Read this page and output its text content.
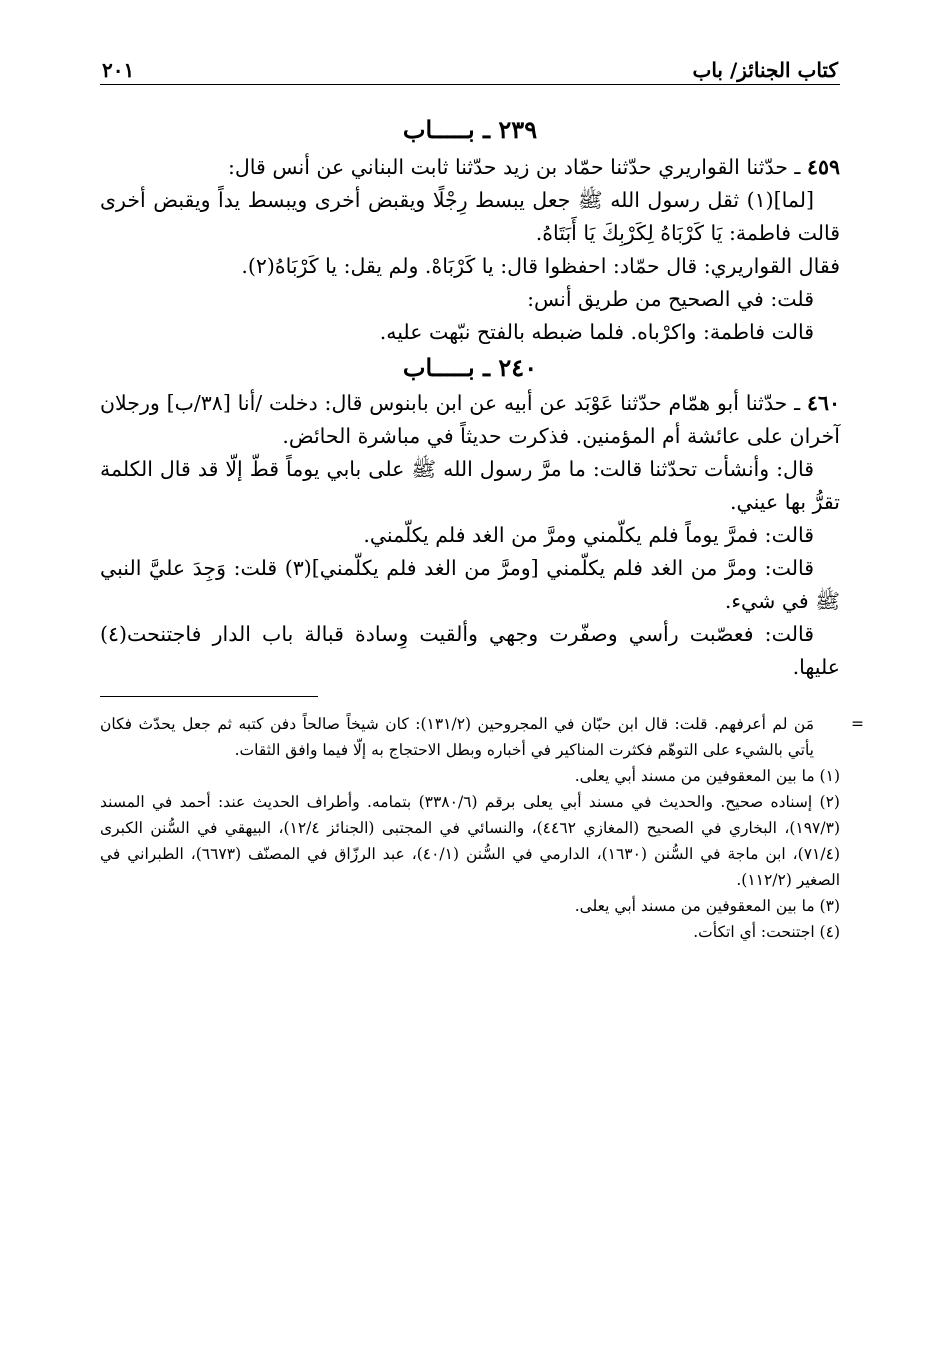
كتاب الجنائز/ باب
٢٠١
٢٣٩ ـ بـــــاب

٤٥٩ ـ حدّثنا القواريري حدّثنا حمّاد بن زيد حدّثنا ثابت البناني عن أنس قال:

[لما](١) ثقل رسول الله ﷺ جعل يبسط رِجْلًا ويقبض أخرى ويبسط يداً ويقبض أخرى قالت فاطمة: يَا كَرْبَاهُ لِكَرْبِكَ يَا أَبَتَاهُ.

فقال القواريري: قال حمّاد: احفظوا قال: يا كَرْبَاهْ. ولم يقل: يا كَرْبَاهُ(٢).

قلت: في الصحيح من طريق أنس:

قالت فاطمة: واكرْباه. فلما ضبطه بالفتح نبّهت عليه.

٢٤٠ ـ بـــــاب

٤٦٠ ـ حدّثنا أبو همّام حدّثنا عَوْبَد عن أبيه عن ابن بابنوس قال: دخلت /أنا [٣٨/ب] ورجلان آخران على عائشة أم المؤمنين. فذكرت حديثاً في مباشرة الحائض.

قال: وأنشأت تحدّثنا قالت: ما مرَّ رسول الله ﷺ على بابي يوماً قطّ إلّا قد قال الكلمة تقرُّ بها عيني.

قالت: فمرَّ يوماً فلم يكلّمني ومرَّ من الغد فلم يكلّمني.

قالت: ومرَّ من الغد فلم يكلّمني [ومرَّ من الغد فلم يكلّمني](٣) قلت: وَجِدَ عليَّ النبي ﷺ في شيء.

قالت: فعصّبت رأسي وصفّرت وجهي وألقيت وِسادة قبالة باب الدار فاجتنحت(٤) عليها.

=
مَن لم أعرفهم. قلت: قال ابن حبّان في المجروحين (١٣١/٢): كان شيخاً صالحاً دفن كتبه ثم جعل يحدّث فكان يأتي بالشيء على التوهّم فكثرت المناكير في أخباره وبطل الاحتجاج به إلّا فيما وافق الثقات.

(١) ما بين المعقوفين من مسند أبي يعلى.

(٢) إسناده صحيح. والحديث في مسند أبي يعلى برقم (٣٣٨٠/٦) بتمامه. وأطراف الحديث عند: أحمد في المسند (١٩٧/٣)، البخاري في الصحيح (المغازي ٤٤٦٢)، والنسائي في المجتبى (الجنائز ١٢/٤)، البيهقي في السُّنن الكبرى (٧١/٤)، ابن ماجة في السُّنن (١٦٣٠)، الدارمي في السُّنن (٤٠/١)، عبد الرزّاق في المصنّف (٦٦٧٣)، الطبراني في الصغير (١١٢/٢).

(٣) ما بين المعقوفين من مسند أبي يعلى.

(٤) اجتنحت: أي اتكأت.
